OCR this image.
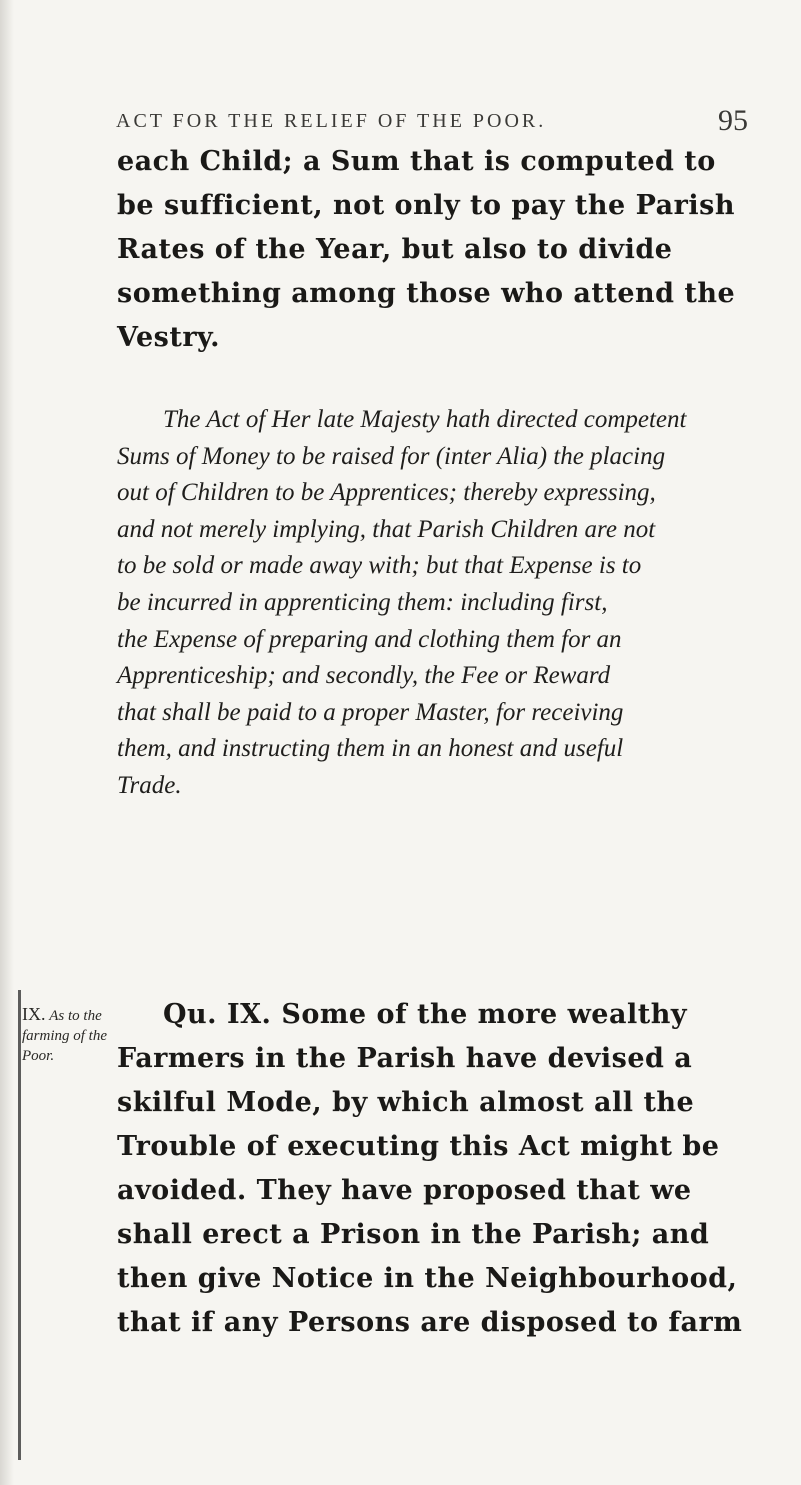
ACT FOR THE RELIEF OF THE POOR.	95
each Child; a Sum that is computed to
be sufficient, not only to pay the Parish
Rates of the Year, but also to divide
something among those who attend the
Vestry.
The Act of Her late Majesty hath directed competent
Sums of Money to be raised for (inter Alia) the placing
out of Children to be Apprentices; thereby expressing,
and not merely implying, that Parish Children are not
to be sold or made away with; but that Expense is to
be incurred in apprenticing them: including first,
the Expense of preparing and clothing them for an
Apprenticeship; and secondly, the Fee or Reward
that shall be paid to a proper Master, for receiving
them, and instructing them in an honest and useful
Trade.
IX. As to the farming of the Poor.
Qu. IX. Some of the more wealthy
Farmers in the Parish have devised a
skilful Mode, by which almost all the
Trouble of executing this Act might be
avoided. They have proposed that we
shall erect a Prison in the Parish; and
then give Notice in the Neighbourhood,
that if any Persons are disposed to farm
